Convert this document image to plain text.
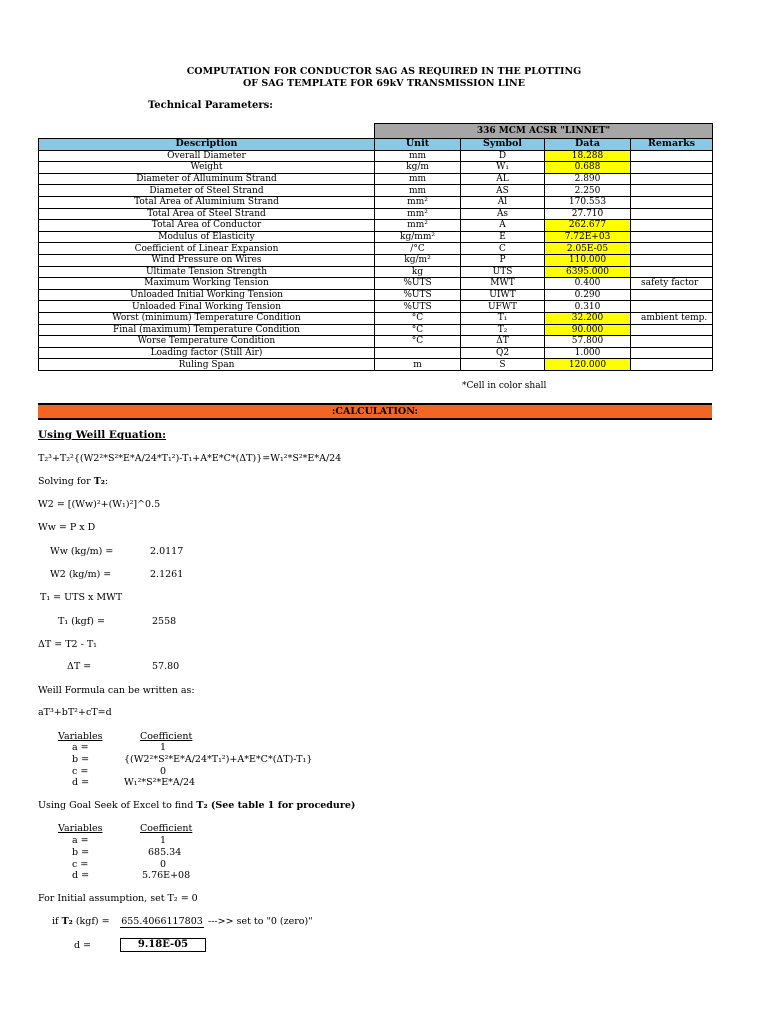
COMPUTATION FOR CONDUCTOR SAG AS REQUIRED IN THE PLOTTING
OF SAG TEMPLATE FOR 69kV TRANSMISSION LINE
Technical Parameters:
	336 MCM ACSR "LINNET"			
Description	Unit	Symbol	Data	Remarks
Overall Diameter	mm	D	18.288	
Weight	kg/m	W₁	0.688	
Diameter of Alluminum Strand	mm	AL	2.890	
Diameter of Steel Strand	mm	AS	2.250	
Total Area of Aluminium Strand	mm²	Al	170.553	
Total Area of Steel Strand	mm²	As	27.710	
Total Area of Conductor	mm²	A	262.677	
Modulus of Elasticity	kg/mm²	E	7.72E+03	
Coefficient of Linear Expansion	/°C	C	2.05E-05	
Wind Pressure on Wires	kg/m²	P	110.000	
Ultimate Tension Strength	kg	UTS	6395.000	
Maximum Working Tension	%UTS	MWT	0.400	safety factor
Unloaded Initial Working Tension	%UTS	UIWT	0.290	
Unloaded Final Working Tension	%UTS	UFWT	0.310	
Worst (minimum) Temperature Condition	°C	T₁	32.200	ambient temp.
Final (maximum) Temperature Condition	°C	T₂	90.000	
Worse Temperature Condition	°C	ΔT	57.800	
Loading factor (Still Air)		Q2	1.000	
Ruling Span	m	S	120.000	
*Cell in color shall
:CALCULATION:
Using Weill Equation:
T₂³+T₂²{(W2²*S²*E*A/24*T₁²)-T₁+A*E*C*(ΔT)}=W₁²*S²*E*A/24
Solving for T₂:
W2 = [(Ww)²+(W₁)²]^0.5
Ww = P x D
Ww (kg/m) =	2.0117
W2 (kg/m) =	2.1261
T₁ = UTS x MWT
T₁ (kgf) =	2558
ΔT = T2 - T₁
ΔT =	57.80
Weill Formula can be written as:
aT³+bT²+cT=d
Variables	Coefficient
a =	1
b =	{(W2²*S²*E*A/24*T₁²)+A*E*C*(ΔT)-T₁}
c =	0
d =	W₁²*S²*E*A/24
Using Goal Seek of Excel to find T₂ (See table 1 for procedure)
Variables	Coefficient
a =	1
b =	685.34
c =	0
d =	5.76E+08
For Initial assumption, set T₂ = 0
if T₂ (kgf) = 655.4066117803 --->> set to "0 (zero)"
d =	9.18E-05
